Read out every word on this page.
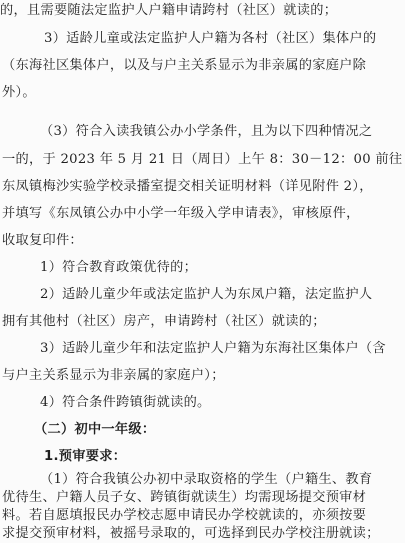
的，且需要随法定监护人户籍申请跨村（社区）就读的；
3）适龄儿童或法定监护人户籍为各村（社区）集体户的
（东海社区集体户，以及与户主关系显示为非亲属的家庭户除
外）。
（3）符合入读我镇公办小学条件，且为以下四种情况之
一的，于 2023 年 5 月 21 日（周日）上午 8：30－12：00 前往
东凤镇梅沙实验学校录播室提交相关证明材料（详见附件 2），
并填写《东凤镇公办中小学一年级入学申请表》，审核原件，
收取复印件：
1）符合教育政策优待的；
2）适龄儿童少年或法定监护人为东凤户籍，法定监护人
拥有其他村（社区）房产，申请跨村（社区）就读的；
3）适龄儿童少年和法定监护人户籍为东海社区集体户（含
与户主关系显示为非亲属的家庭户）；
4）符合条件跨镇街就读的。
（二）初中一年级：
1.预审要求：
（1）符合我镇公办初中录取资格的学生（户籍生、教育
优待生、户籍人员子女、跨镇街就读生）均需现场提交预审材
料。若自愿填报民办学校志愿申请民办学校就读的，亦须按要
求提交预审材料，被摇号录取的，可选择到民办学校注册就读；
